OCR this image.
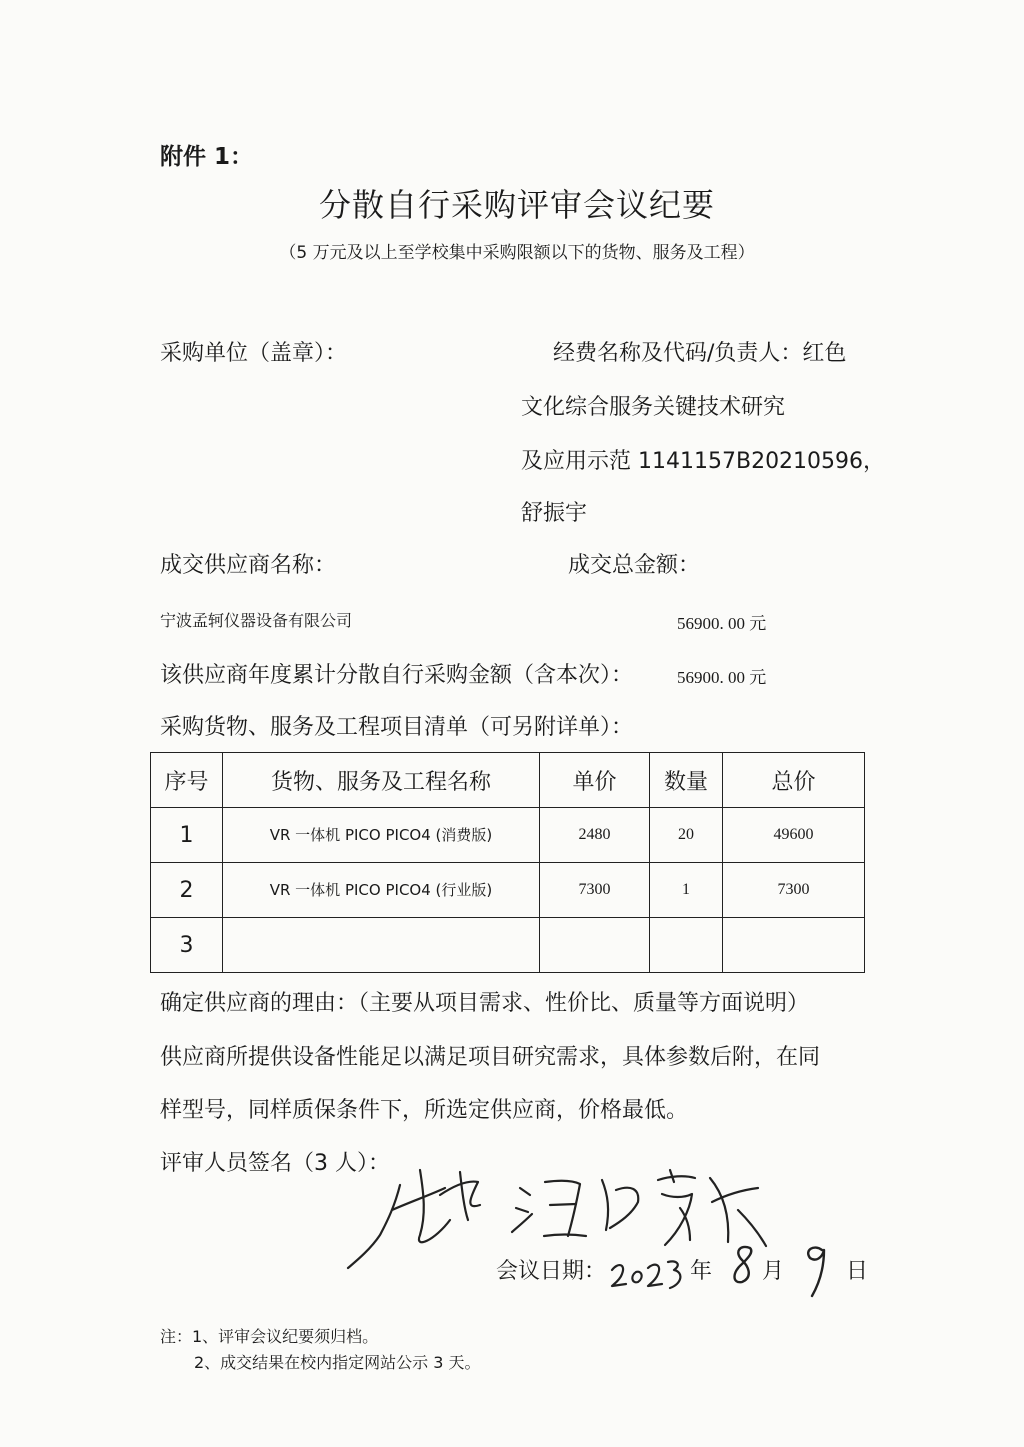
附件 1：
分散自行采购评审会议纪要
（5 万元及以上至学校集中采购限额以下的货物、服务及工程）
采购单位（盖章）：	经费名称及代码/负责人：红色
文化综合服务关键技术研究
及应用示范 1141157B20210596，
舒振宇
成交供应商名称：	成交总金额：
宁波孟轲仪器设备有限公司	56900. 00 元
该供应商年度累计分散自行采购金额（含本次）：	56900. 00 元
采购货物、服务及工程项目清单（可另附详单）：
序号	货物、服务及工程名称	单价	数量	总价
1	VR 一体机 PICO PICO4 (消费版)	2480	20	49600
2	VR 一体机 PICO PICO4 (行业版)	7300	1	7300
3				
确定供应商的理由：（主要从项目需求、性价比、质量等方面说明）
供应商所提供设备性能足以满足项目研究需求，具体参数后附，在同
样型号，同样质保条件下，所选定供应商，价格最低。
评审人员签名（3 人）：
会议日期：	年 月	日
注：1、评审会议纪要须归档。
2、成交结果在校内指定网站公示 3 天。
